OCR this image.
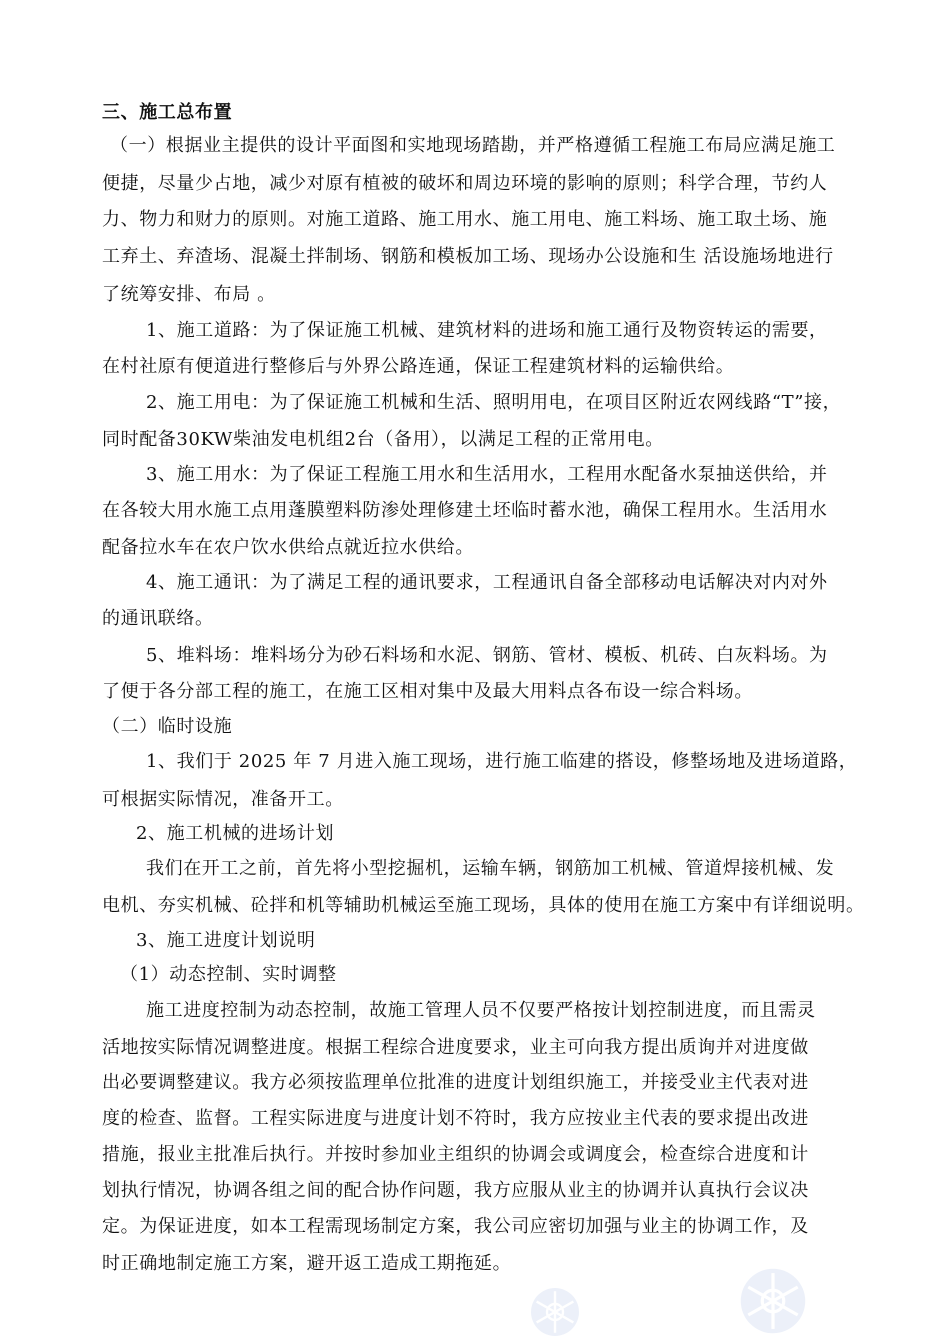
三、施工总布置
（一）根据业主提供的设计平面图和实地现场踏勘，并严格遵循工程施工布局应满足施工
便捷，尽量少占地，减少对原有植被的破坏和周边环境的影响的原则；科学合理，节约人
力、物力和财力的原则。对施工道路、施工用水、施工用电、施工料场、施工取土场、施
工弃土、弃渣场、混凝土拌制场、钢筋和模板加工场、现场办公设施和生 活设施场地进行
了统筹安排、布局 。
1、施工道路：为了保证施工机械、建筑材料的进场和施工通行及物资转运的需要，
在村社原有便道进行整修后与外界公路连通，保证工程建筑材料的运输供给。
2、施工用电：为了保证施工机械和生活、照明用电，在项目区附近农网线路“T”接，
同时配备30KW柴油发电机组2台（备用），以满足工程的正常用电。
3、施工用水：为了保证工程施工用水和生活用水，工程用水配备水泵抽送供给，并
在各较大用水施工点用蓬膜塑料防渗处理修建土坯临时蓄水池，确保工程用水。生活用水
配备拉水车在农户饮水供给点就近拉水供给。
4、施工通讯：为了满足工程的通讯要求，工程通讯自备全部移动电话解决对内对外
的通讯联络。
5、堆料场：堆料场分为砂石料场和水泥、钢筋、管材、模板、机砖、白灰料场。为
了便于各分部工程的施工，在施工区相对集中及最大用料点各布设一综合料场。
（二）临时设施
1、我们于 2025 年 7 月进入施工现场，进行施工临建的搭设，修整场地及进场道路，
可根据实际情况，准备开工。
2、施工机械的进场计划
我们在开工之前，首先将小型挖掘机，运输车辆，钢筋加工机械、管道焊接机械、发
电机、夯实机械、砼拌和机等辅助机械运至施工现场，具体的使用在施工方案中有详细说明。
3、施工进度计划说明
（1）动态控制、实时调整
施工进度控制为动态控制，故施工管理人员不仅要严格按计划控制进度，而且需灵
活地按实际情况调整进度。根据工程综合进度要求，业主可向我方提出质询并对进度做
出必要调整建议。我方必须按监理单位批准的进度计划组织施工，并接受业主代表对进
度的检查、监督。工程实际进度与进度计划不符时，我方应按业主代表的要求提出改进
措施，报业主批准后执行。并按时参加业主组织的协调会或调度会，检查综合进度和计
划执行情况，协调各组之间的配合协作问题，我方应服从业主的协调并认真执行会议决
定。为保证进度，如本工程需现场制定方案，我公司应密切加强与业主的协调工作，及
时正确地制定施工方案，避开返工造成工期拖延。
